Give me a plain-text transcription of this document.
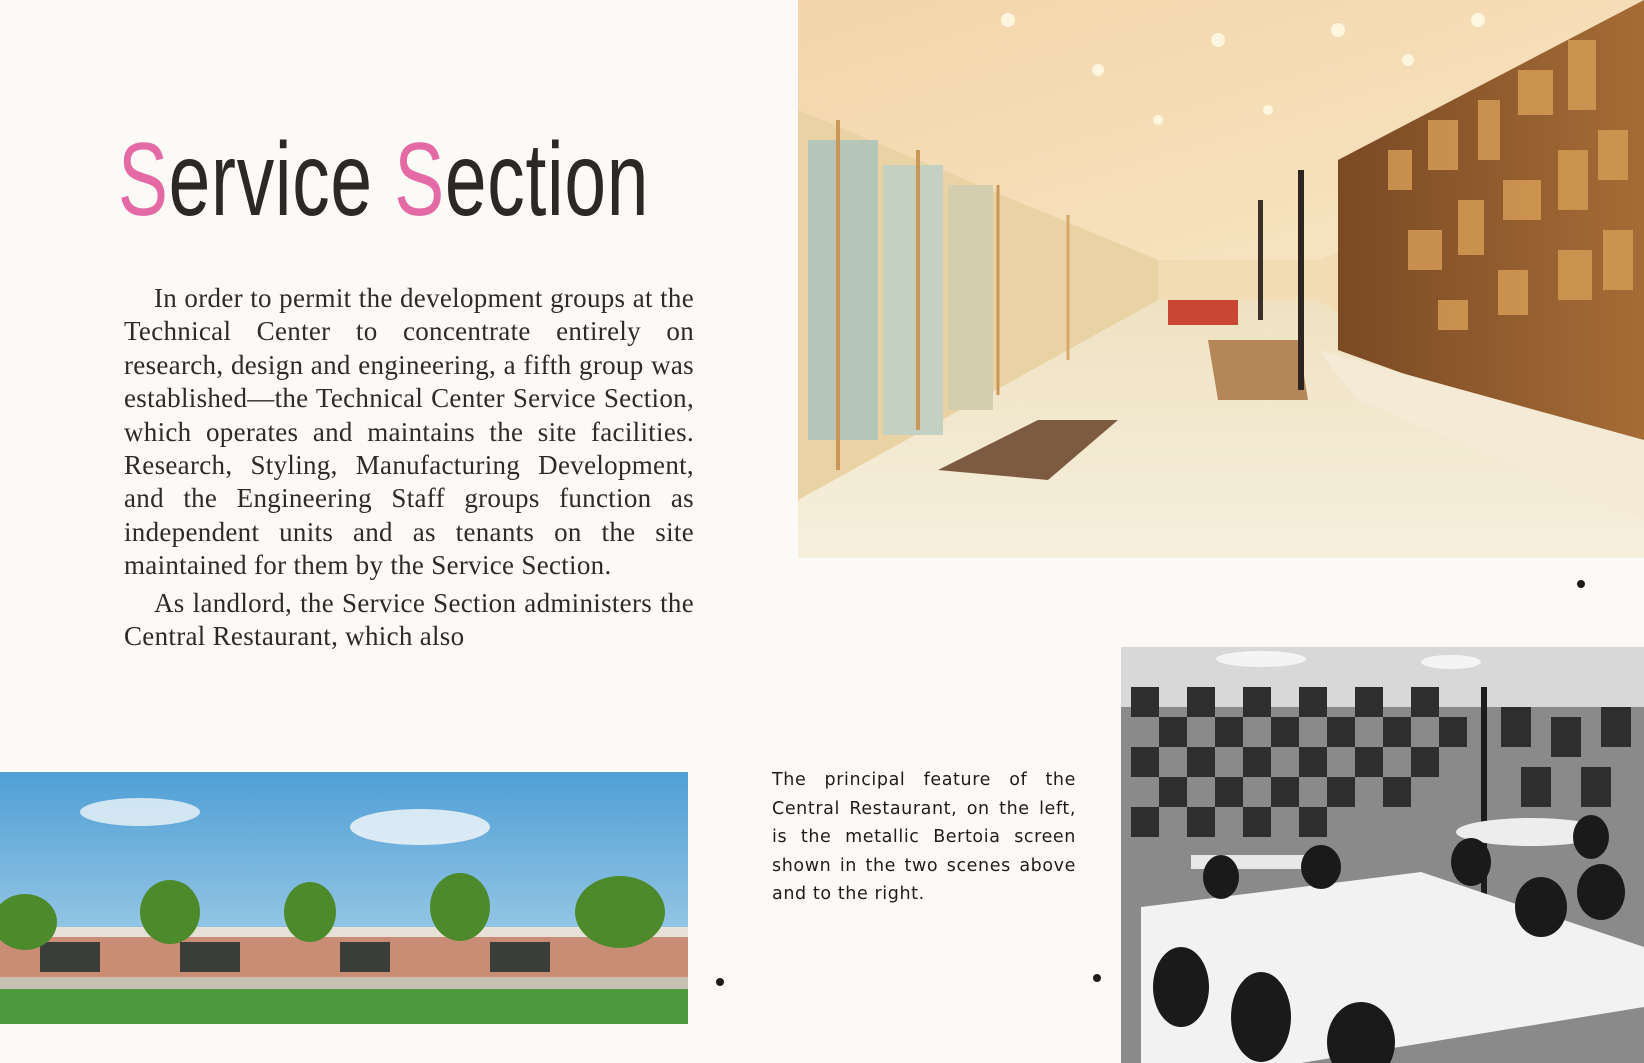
Service Section

In order to permit the development groups at the Technical Center to concentrate entirely on research, design and engineering, a fifth group was established—the Technical Center Service Section, which operates and maintains the site facilities. Research, Styling, Manufacturing Development, and the Engineering Staff groups function as independent units and as tenants on the site maintained for them by the Service Section.

As landlord, the Service Section administers the Central Restaurant, which also

The principal feature of the Central Restaurant, on the left, is the metallic Bertoia screen shown in the two scenes above and to the right.
